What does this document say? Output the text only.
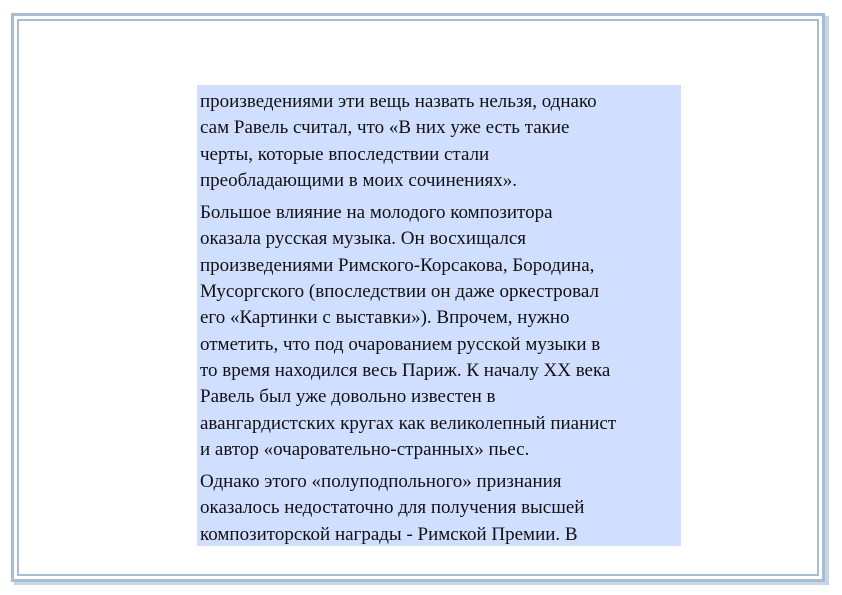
произведениями эти вещь назвать нельзя, однако
сам Равель считал, что «В них уже есть такие
черты, которые впоследствии стали
преобладающими в моих сочинениях».

Большое влияние на молодого композитора
оказала русская музыка. Он восхищался
произведениями Римского-Корсакова, Бородина,
Мусоргского (впоследствии он даже оркестровал
его «Картинки с выставки»). Впрочем, нужно
отметить, что под очарованием русской музыки в
то время находился весь Париж. К началу XX века
Равель был уже довольно известен в
авангардистских кругах как великолепный пианист
и автор «очаровательно-странных» пьес.

Однако этого «полуподпольного» признания
оказалось недостаточно для получения высшей
композиторской награды - Римской Премии. В
